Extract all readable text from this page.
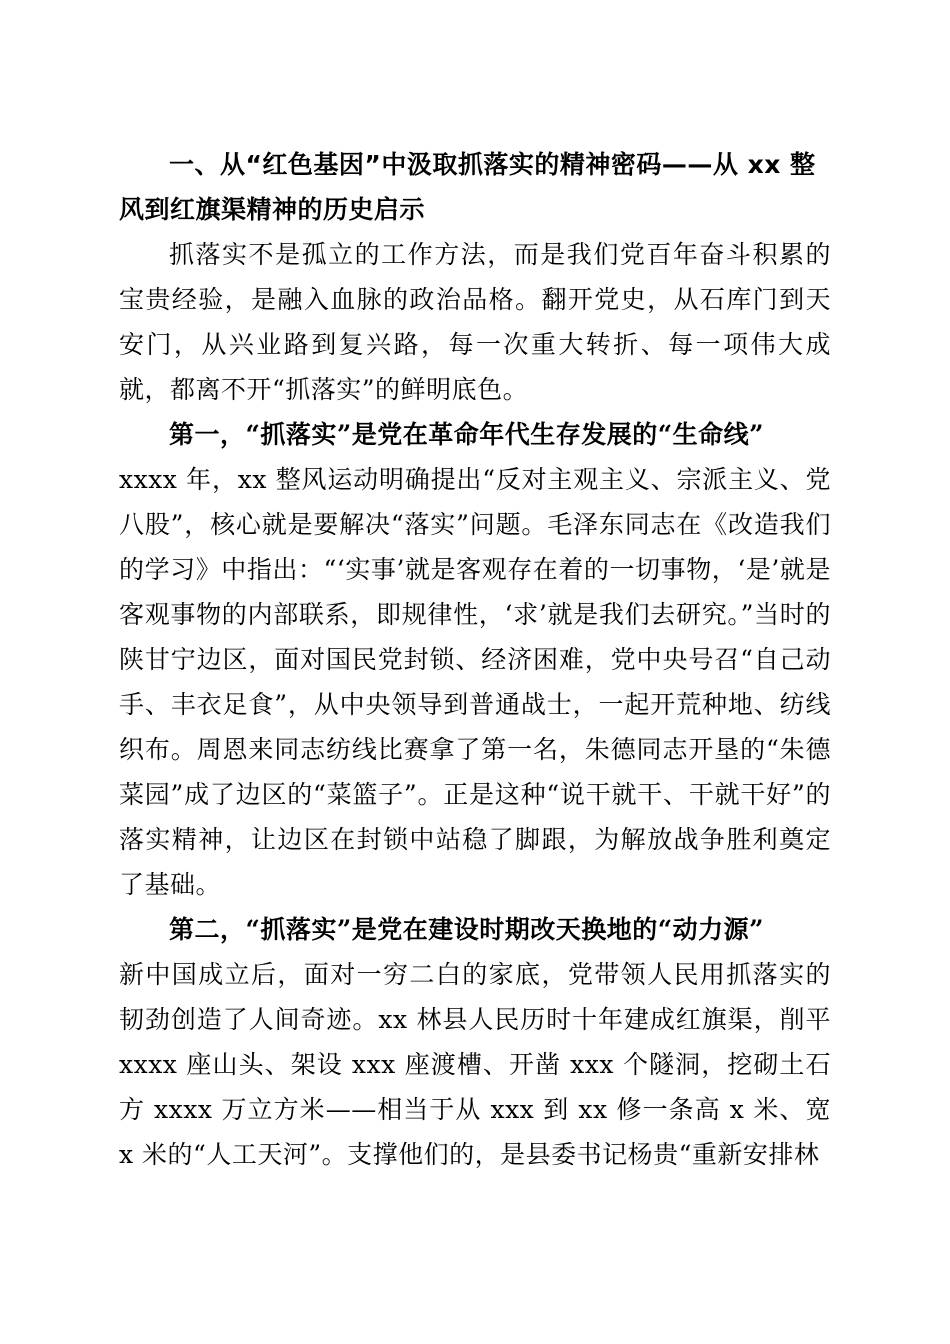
一、从“红色基因”中汲取抓落实的精神密码——从 xx 整风到红旗渠精神的历史启示

抓落实不是孤立的工作方法，而是我们党百年奋斗积累的宝贵经验，是融入血脉的政治品格。翻开党史，从石库门到天安门，从兴业路到复兴路，每一次重大转折、每一项伟大成就，都离不开“抓落实”的鲜明底色。

第一，“抓落实”是党在革命年代生存发展的“生命线”

xxxx 年，xx 整风运动明确提出“反对主观主义、宗派主义、党八股”，核心就是要解决“落实”问题。毛泽东同志在《改造我们的学习》中指出：“‘实事’就是客观存在着的一切事物，‘是’就是客观事物的内部联系，即规律性，‘求’就是我们去研究。”当时的陕甘宁边区，面对国民党封锁、经济困难，党中央号召“自己动手、丰衣足食”，从中央领导到普通战士，一起开荒种地、纺线织布。周恩来同志纺线比赛拿了第一名，朱德同志开垦的“朱德菜园”成了边区的“菜篮子”。正是这种“说干就干、干就干好”的落实精神，让边区在封锁中站稳了脚跟，为解放战争胜利奠定了基础。

第二，“抓落实”是党在建设时期改天换地的“动力源”

新中国成立后，面对一穷二白的家底，党带领人民用抓落实的韧劲创造了人间奇迹。xx 林县人民历时十年建成红旗渠，削平 xxxx 座山头、架设 xxx 座渡槽、开凿 xxx 个隧洞，挖砌土石方 xxxx 万立方米——相当于从 xxx 到 xx 修一条高 x 米、宽 x 米的“人工天河”。支撑他们的，是县委书记杨贵“重新安排林
